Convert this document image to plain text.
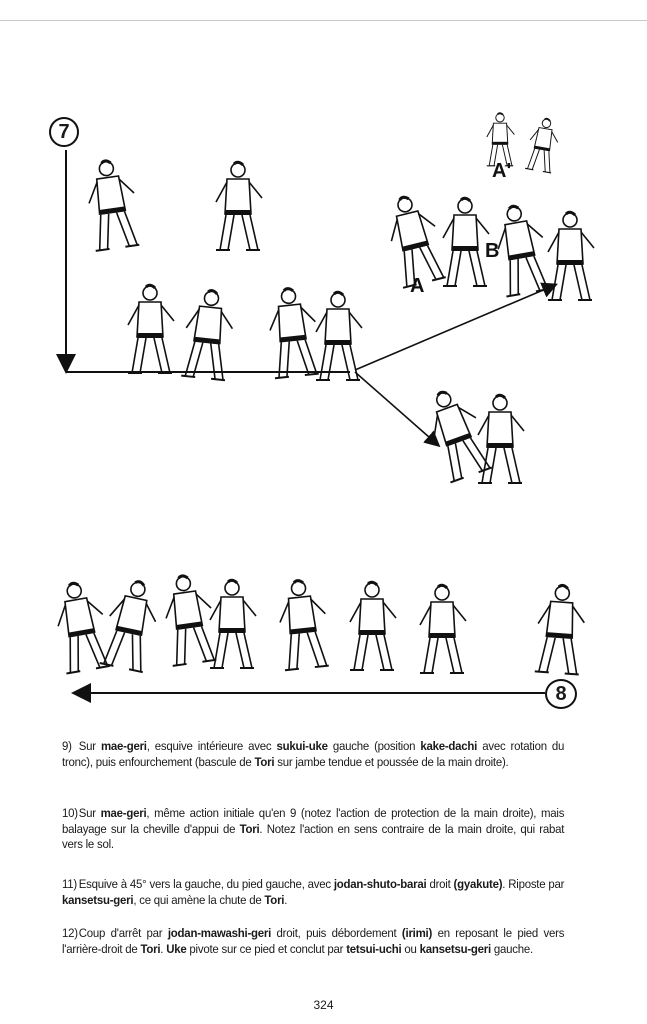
7
8
A
A'
B
9) Sur mae-geri, esquive intérieure avec sukui-uke gauche (position kake-dachi avec rotation du tronc), puis enfourchement (bascule de Tori sur jambe tendue et poussée de la main droite).
10)Sur mae-geri, même action initiale qu'en 9 (notez l'action de protection de la main droite), mais balayage sur la cheville d'appui de Tori. Notez l'action en sens contraire de la main droite, qui rabat vers le sol.
11) Esquive à 45° vers la gauche, du pied gauche, avec jodan-shuto-barai droit (gyakute). Riposte par kansetsu-geri, ce qui amène la chute de Tori.
12)Coup d'arrêt par jodan-mawashi-geri droit, puis débordement (irimi) en reposant le pied vers l'arrière-droit de Tori. Uke pivote sur ce pied et conclut par tetsui-uchi ou kansetsu-geri gauche.
324
